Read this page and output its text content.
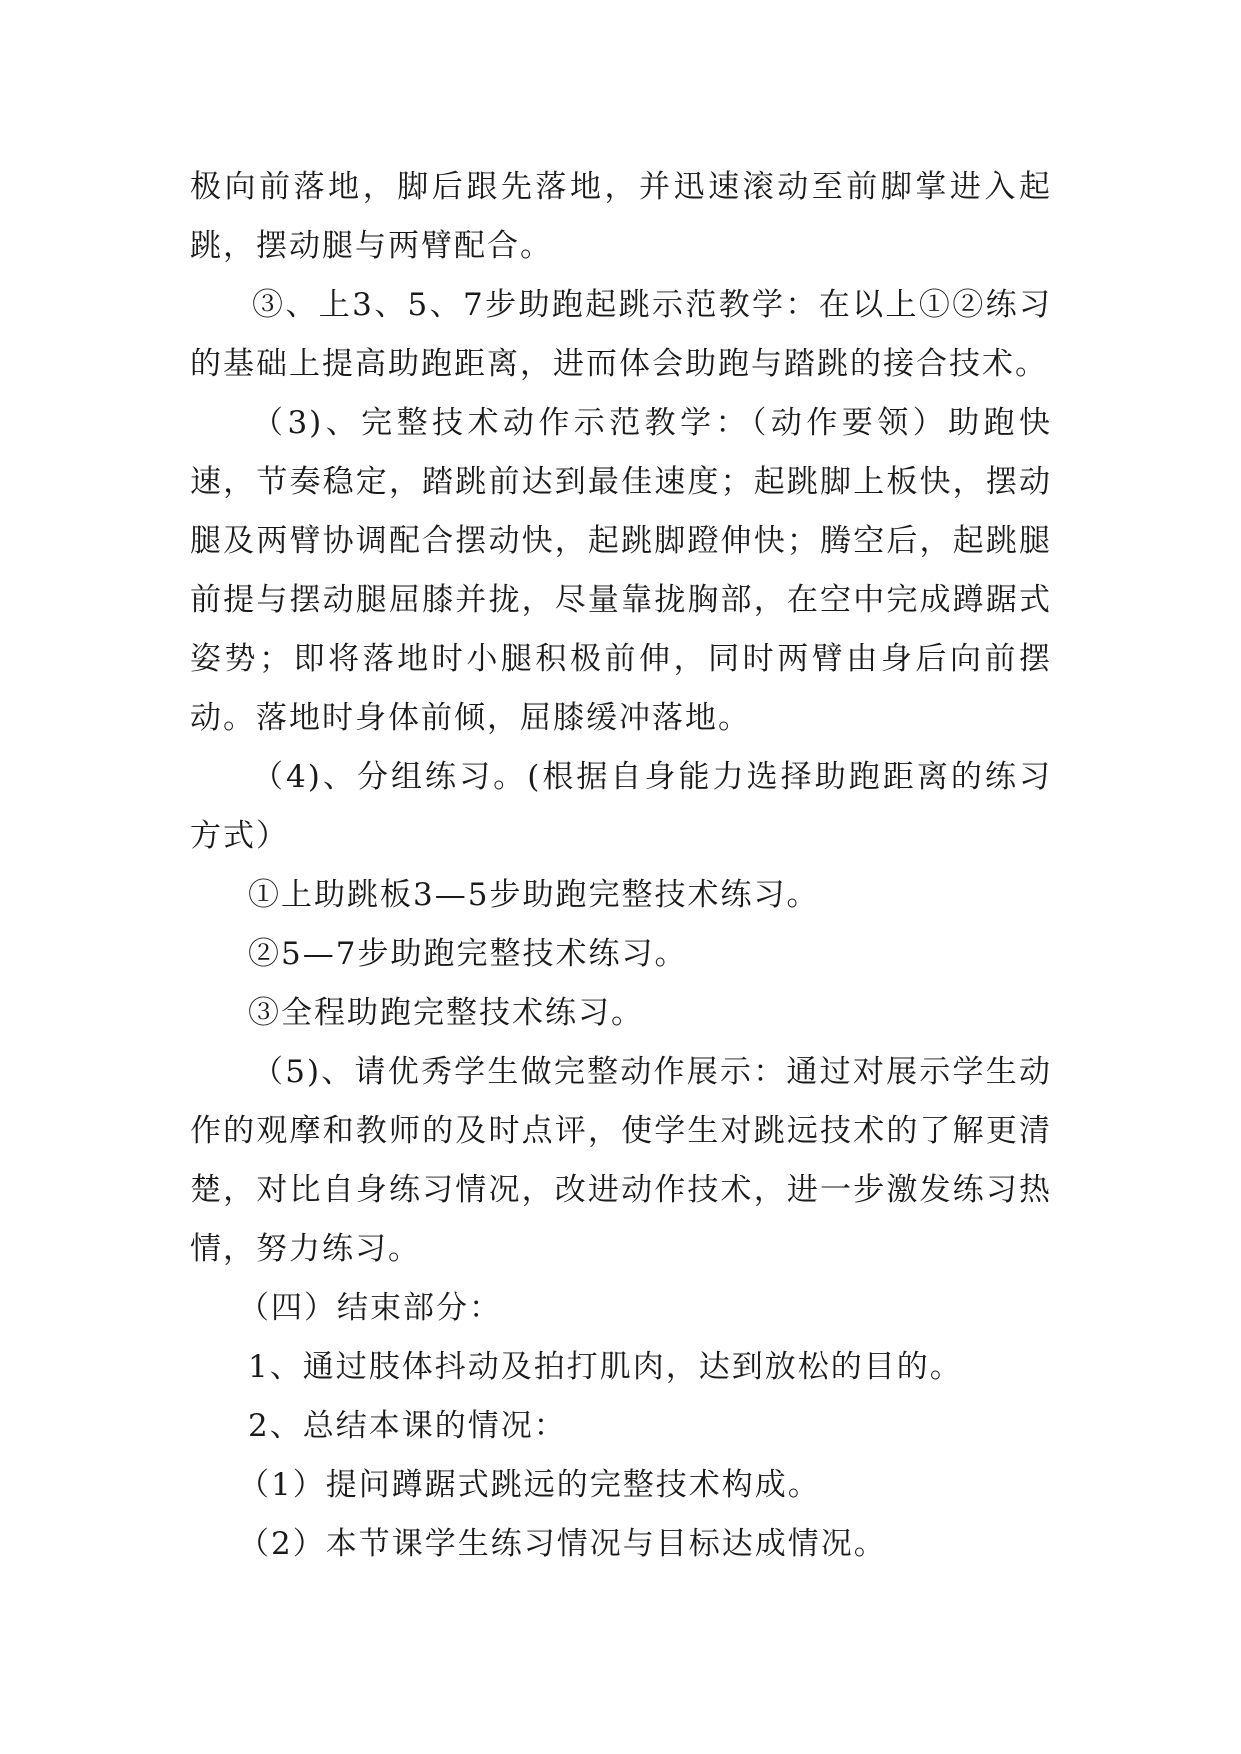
极向前落地，脚后跟先落地，并迅速滚动至前脚掌进入起跳，摆动腿与两臂配合。

③、上3、5、7步助跑起跳示范教学：在以上①②练习的基础上提高助跑距离，进而体会助跑与踏跳的接合技术。

（3)、完整技术动作示范教学：（动作要领）助跑快速，节奏稳定，踏跳前达到最佳速度；起跳脚上板快，摆动腿及两臂协调配合摆动快，起跳脚蹬伸快；腾空后，起跳腿前提与摆动腿屈膝并拢，尽量靠拢胸部，在空中完成蹲踞式姿势；即将落地时小腿积极前伸，同时两臂由身后向前摆动。落地时身体前倾，屈膝缓冲落地。

（4)、分组练习。(根据自身能力选择助跑距离的练习方式）

①上助跳板3—5步助跑完整技术练习。

②5—7步助跑完整技术练习。

③全程助跑完整技术练习。

（5)、请优秀学生做完整动作展示：通过对展示学生动作的观摩和教师的及时点评，使学生对跳远技术的了解更清楚，对比自身练习情况，改进动作技术，进一步激发练习热情，努力练习。

（四）结束部分：

1、通过肢体抖动及拍打肌肉，达到放松的目的。

2、总结本课的情况：

（1）提问蹲踞式跳远的完整技术构成。

（2）本节课学生练习情况与目标达成情况。
